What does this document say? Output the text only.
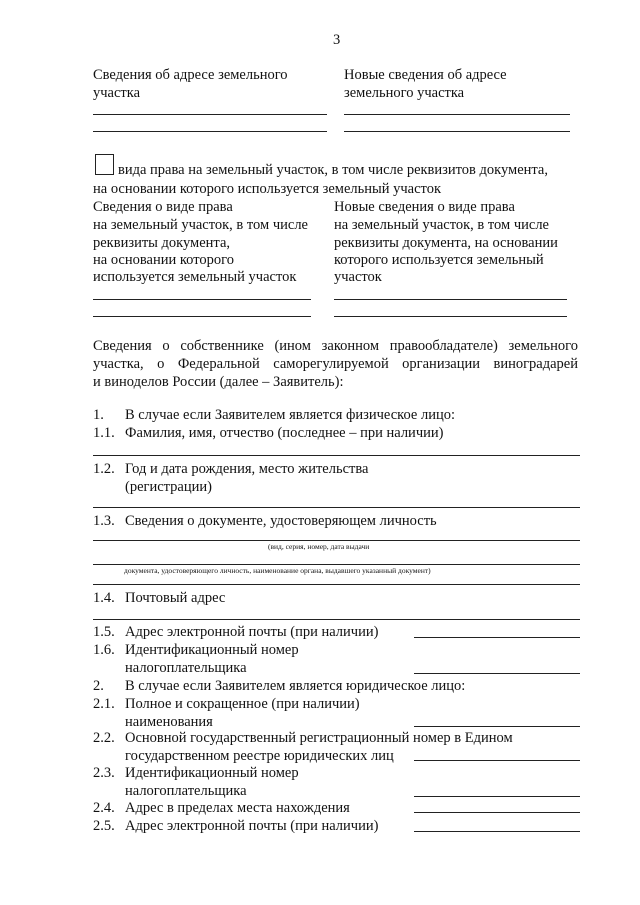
3
Сведения об адресе земельного
участка
Новые сведения об адресе
земельного участка
вида права на земельный участок, в том числе реквизитов документа,
на основании которого используется земельный участок
Сведения о виде права
на земельный участок, в том числе
реквизиты документа,
на основании которого
используется земельный участок
Новые сведения о виде права
на земельный участок, в том числе
реквизиты документа, на основании
которого используется земельный
участок
Сведения о собственнике (ином законном правообладателе) земельного
участка, о Федеральной саморегулируемой организации виноградарей
и виноделов России (далее – Заявитель):
1. В случае если Заявителем является физическое лицо:
1.1. Фамилия, имя, отчество (последнее – при наличии)
1.2. Год и дата рождения, место жительства
(регистрации)
1.3. Сведения о документе, удостоверяющем личность
(вид, серия, номер, дата выдачи
документа, удостоверяющего личность, наименование органа, выдавшего указанный документ)
1.4. Почтовый адрес
1.5. Адрес электронной почты (при наличии)
1.6. Идентификационный номер
налогоплательщика
2. В случае если Заявителем является юридическое лицо:
2.1. Полное и сокращенное (при наличии)
наименования
2.2. Основной государственный регистрационный номер в Едином
государственном реестре юридических лиц
2.3. Идентификационный номер
налогоплательщика
2.4. Адрес в пределах места нахождения
2.5. Адрес электронной почты (при наличии)
